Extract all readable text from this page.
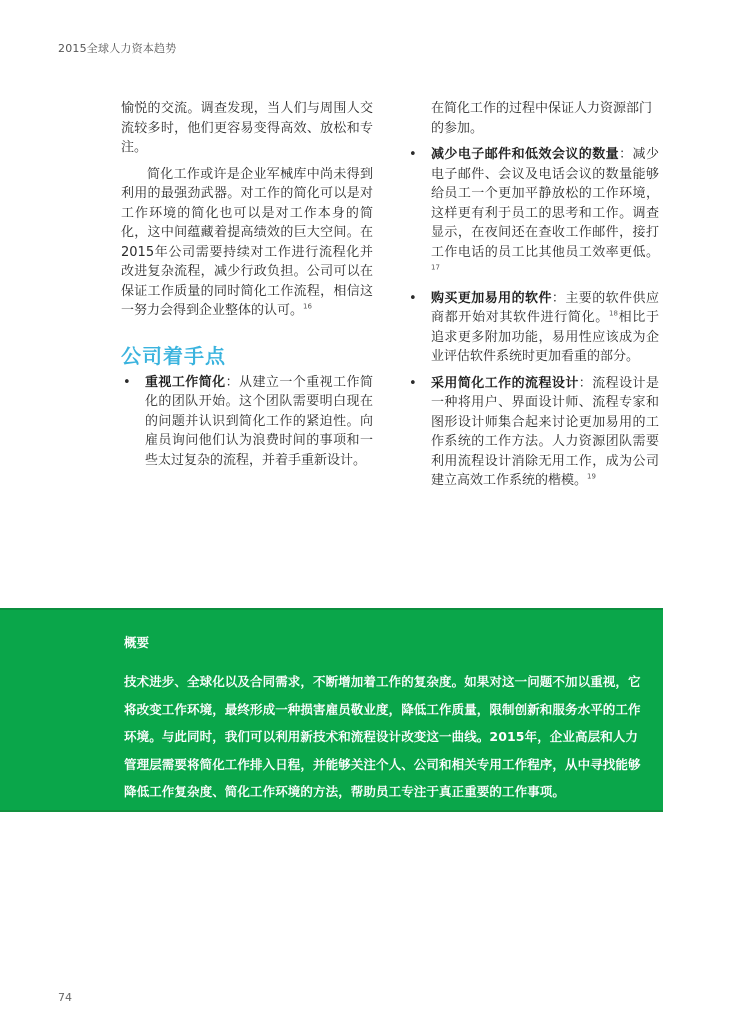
2015全球人力资本趋势

愉悦的交流。调查发现，当人们与周围人交流较多时，他们更容易变得高效、放松和专注。

简化工作或许是企业军械库中尚未得到利用的最强劲武器。对工作的简化可以是对工作环境的简化也可以是对工作本身的简化，这中间蕴藏着提高绩效的巨大空间。在2015年公司需要持续对工作进行流程化并改进复杂流程，减少行政负担。公司可以在保证工作质量的同时简化工作流程，相信这一努力会得到企业整体的认可。$^{16}$

公司着手点
• 重视工作简化：从建立一个重视工作简化的团队开始。这个团队需要明白现在的问题并认识到简化工作的紧迫性。向雇员询问他们认为浪费时间的事项和一些太过复杂的流程，并着手重新设计。

在简化工作的过程中保证人力资源部门的参加。

• 减少电子邮件和低效会议的数量：减少电子邮件、会议及电话会议的数量能够给员工一个更加平静放松的工作环境，这样更有利于员工的思考和工作。调查显示，在夜间还在查收工作邮件，接打工作电话的员工比其他员工效率更低。$^{17}$
• 购买更加易用的软件：主要的软件供应商都开始对其软件进行简化。$^{18}$相比于追求更多附加功能，易用性应该成为企业评估软件系统时更加看重的部分。
• 采用简化工作的流程设计：流程设计是一种将用户、界面设计师、流程专家和图形设计师集合起来讨论更加易用的工作系统的工作方法。人力资源团队需要利用流程设计消除无用工作，成为公司建立高效工作系统的楷模。$^{19}$
概要

技术进步、全球化以及合同需求，不断增加着工作的复杂度。如果对这一问题不加以重视，它将改变工作环境，最终形成一种损害雇员敬业度，降低工作质量，限制创新和服务水平的工作环境。与此同时，我们可以利用新技术和流程设计改变这一曲线。2015年，企业高层和人力管理层需要将简化工作排入日程，并能够关注个人、公司和相关专用工作程序，从中寻找能够降低工作复杂度、简化工作环境的方法，帮助员工专注于真正重要的工作事项。

74
